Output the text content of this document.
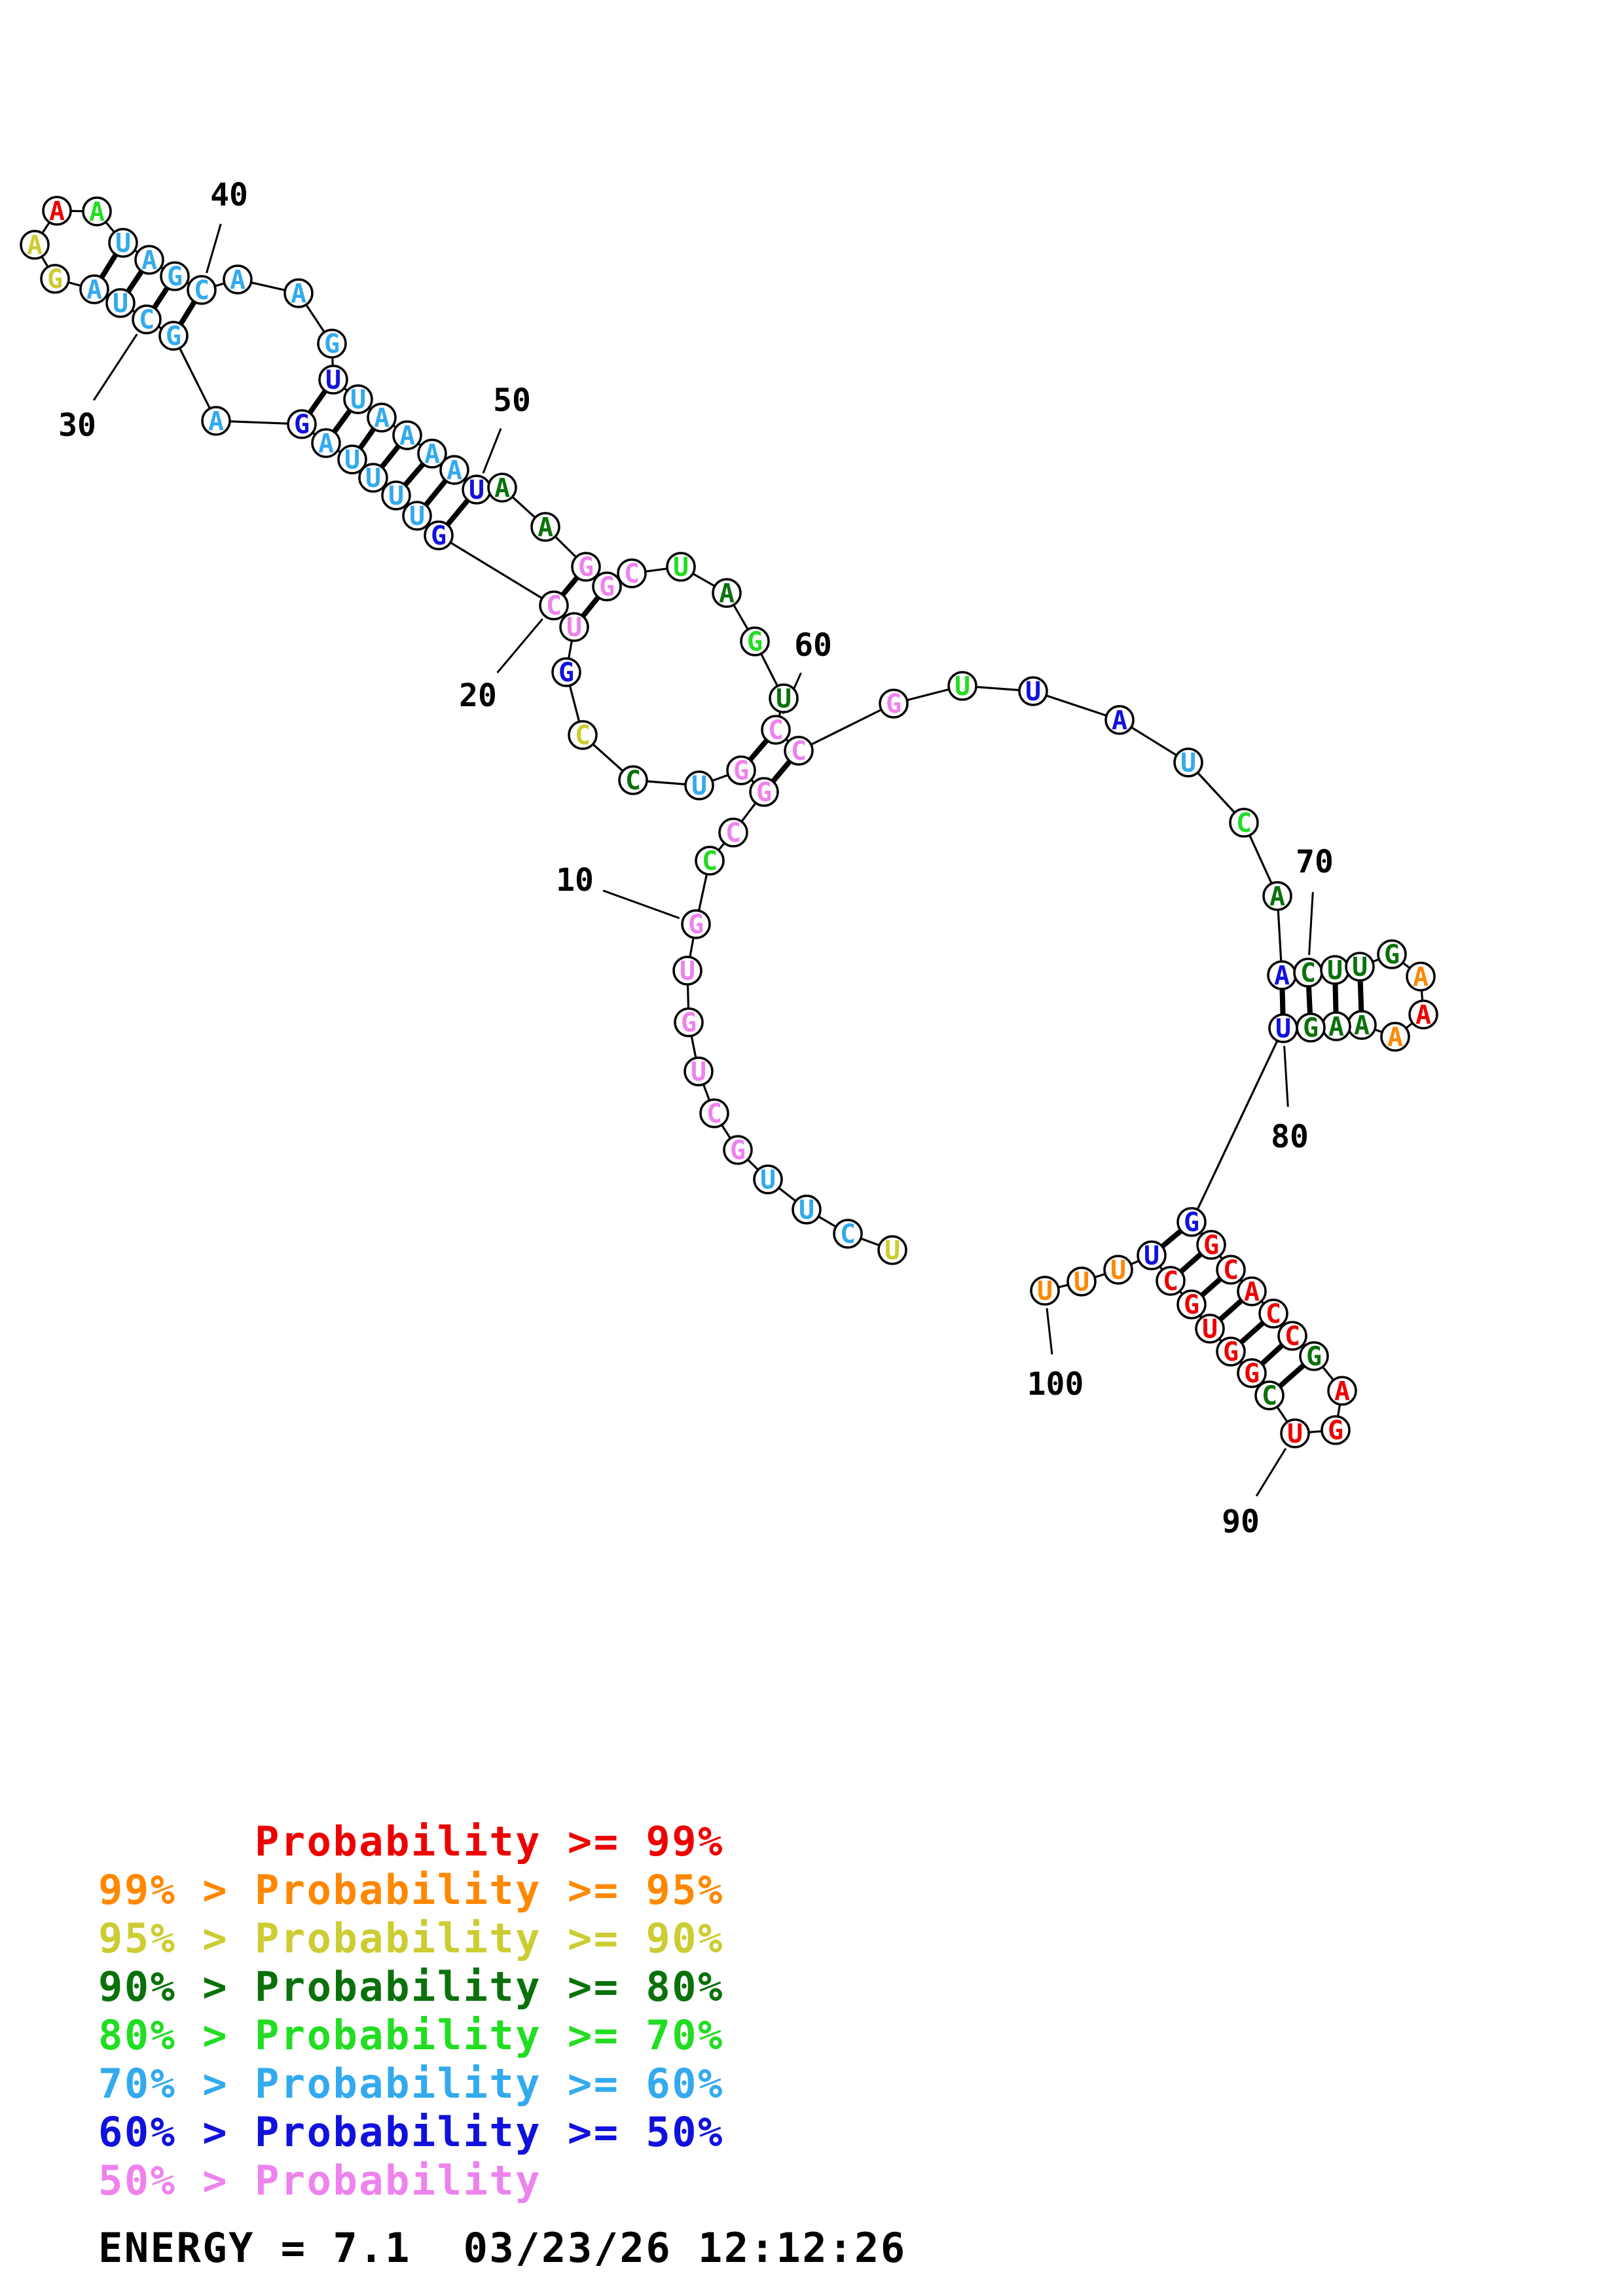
U
C
U
U
G
C
U
G
U
G
C
C
G
G
U
C
C
G
U
C
G
U
U
U
U
A
G
A
G
C
U
A
G
A
A A
U
A
G C A A
G
U
U
A
A
A
A
U A
A
G
G C U
A
G
U
C
C
G
U U
A
U
C
A
A C U U G
A
A
A
A
A
G
U
G
G
C
A
C
C
G
A
G
U
C
G
G
U
G
C
U
U
U
U
10
20
30
40
50
60
70
80
90
100
Probability >= 99%
99% > Probability >= 95%
95% > Probability >= 90%
90% > Probability >= 80%
80% > Probability >= 70%
70% > Probability >= 60%
60% > Probability >= 50%
50% > Probability
ENERGY = 7.1  03/23/26 12:12:26
